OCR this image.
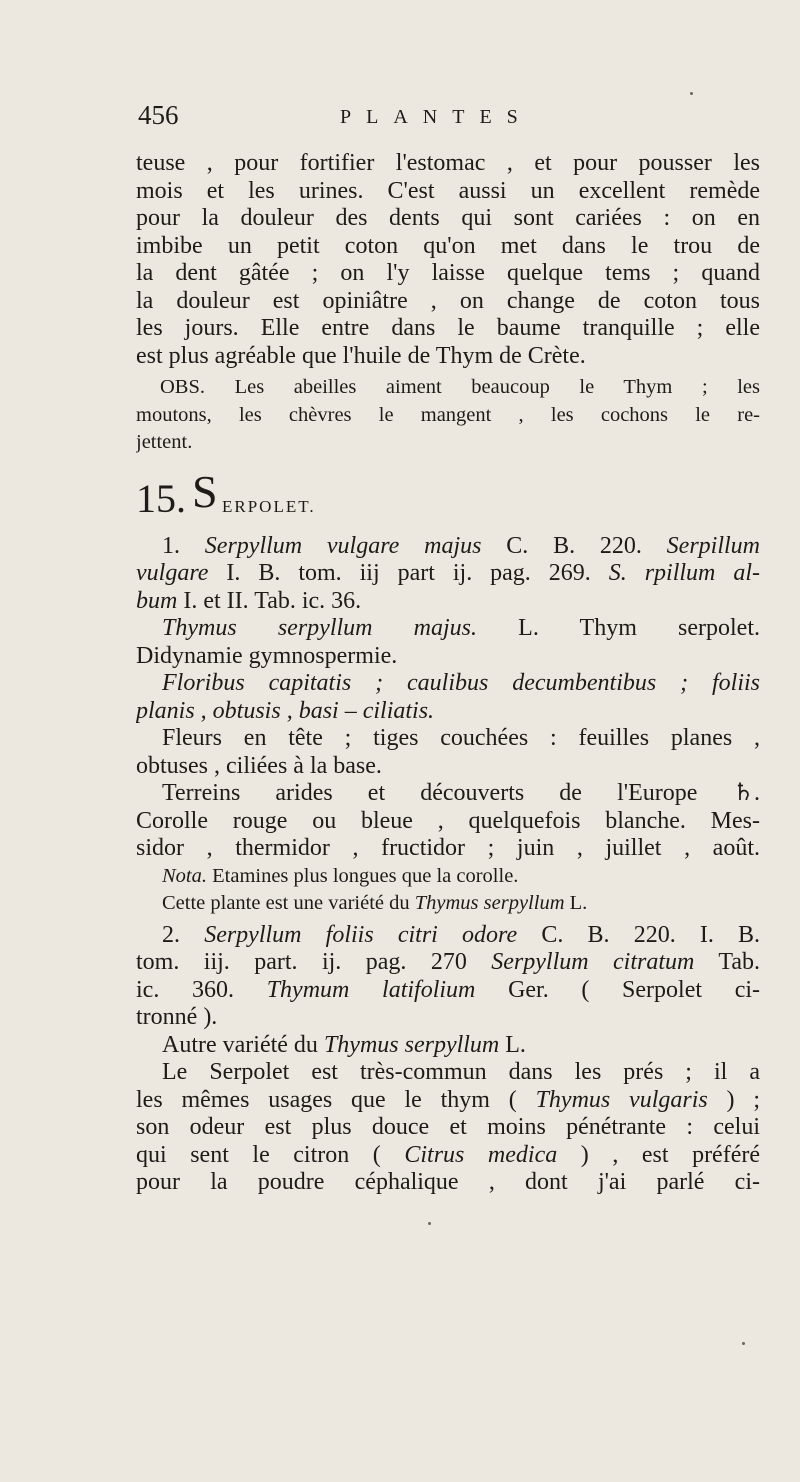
456	PLANTES
teuse , pour fortifier l'estomac , et pour pousser les
mois et les urines. C'est aussi un excellent remède
pour la douleur des dents qui sont cariées : on en
imbibe un petit coton qu'on met dans le trou de
la dent gâtée ; on l'y laisse quelque tems ; quand
la douleur est opiniâtre , on change de coton tous
les jours. Elle entre dans le baume tranquille ; elle
est plus agréable que l'huile de Thym de Crète.
OBS. Les abeilles aiment beaucoup le Thym ; les
moutons, les chèvres le mangent , les cochons le re-
jettent.
15. S ERPOLET.
1. Serpyllum vulgare majus C. B. 220. Serpillum
vulgare I. B. tom. iij part ij. pag. 269. S. rpillum al-
bum I. et II. Tab. ic. 36.
Thymus serpyllum majus. L. Thym serpolet.
Didynamie gymnospermie.
Floribus capitatis ; caulibus decumbentibus ; foliis
planis , obtusis , basi – ciliatis.
Fleurs en tête ; tiges couchées : feuilles planes ,
obtuses , ciliées à la base.
Terreins arides et découverts de l'Europe ♄.
Corolle rouge ou bleue , quelquefois blanche. Mes-
sidor , thermidor , fructidor ; juin , juillet , août.
Nota. Etamines plus longues que la corolle.
Cette plante est une variété du Thymus serpyllum L.
2. Serpyllum foliis citri odore C. B. 220. I. B.
tom. iij. part. ij. pag. 270 Serpyllum citratum Tab.
ic. 360. Thymum latifolium Ger. ( Serpolet ci-
tronné ).
Autre variété du Thymus serpyllum L.
Le Serpolet est très-commun dans les prés ; il a
les mêmes usages que le thym ( Thymus vulgaris ) ;
son odeur est plus douce et moins pénétrante : celui
qui sent le citron ( Citrus medica ) , est préféré
pour la poudre céphalique , dont j'ai parlé ci-
